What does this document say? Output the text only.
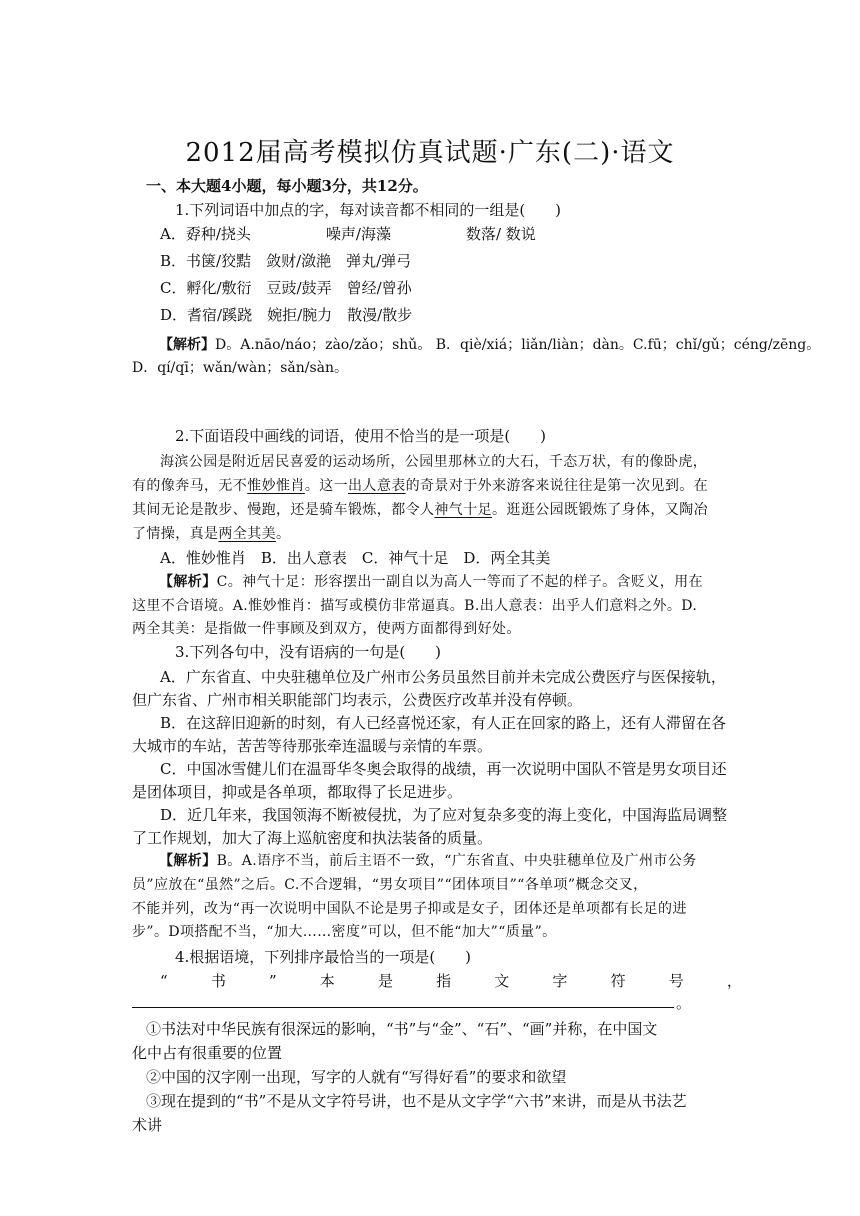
2012届高考模拟仿真试题·广东(二)·语文
一、本大题4小题，每小题3分，共12分。
1.下列词语中加点的字，每对读音都不相同的一组是(　　)
A．孬种/挠头　　　　　噪声/海藻　　　　　数落/ 数说
B．书箧/狡黠　敛财/潋滟　弹丸/弹弓
C．孵化/敷衍　豆豉/鼓弄　曾经/曾孙
D．耆宿/蹊跷　婉拒/腕力　散漫/散步
【解析】D。A.nāo/náo；zào/zǎo；shǔ。 B．qiè/xiá；liǎn/liàn；dàn。C.fū；chǐ/gǔ；céng/zēng。
D．qí/qī；wǎn/wàn；sǎn/sàn。
2.下面语段中画线的词语，使用不恰当的是一项是(　　)
海滨公园是附近居民喜爱的运动场所，公园里那林立的大石，千态万状，有的像卧虎，
有的像奔马，无不惟妙惟肖。这一出人意表的奇景对于外来游客来说往往是第一次见到。在
其间无论是散步、慢跑，还是骑车锻炼，都令人神气十足。逛逛公园既锻炼了身体，又陶冶
了情操，真是两全其美。
A．惟妙惟肖　B．出人意表　C．神气十足　D．两全其美
【解析】C。神气十足：形容摆出一副自以为高人一等而了不起的样子。含贬义，用在
这里不合语境。A.惟妙惟肖：描写或模仿非常逼真。B.出人意表：出乎人们意料之外。D.
两全其美：是指做一件事顾及到双方，使两方面都得到好处。
3.下列各句中，没有语病的一句是(　　)
A．广东省直、中央驻穗单位及广州市公务员虽然目前并未完成公费医疗与医保接轨，
但广东省、广州市相关职能部门均表示，公费医疗改革并没有停顿。
B．在这辞旧迎新的时刻，有人已经喜悦还家，有人正在回家的路上，还有人滞留在各
大城市的车站，苦苦等待那张牵连温暖与亲情的车票。
C．中国冰雪健儿们在温哥华冬奥会取得的战绩，再一次说明中国队不管是男女项目还
是团体项目，抑或是各单项，都取得了长足进步。
D．近几年来，我国领海不断被侵扰，为了应对复杂多变的海上变化，中国海监局调整
了工作规划，加大了海上巡航密度和执法装备的质量。
【解析】B。A.语序不当，前后主语不一致，“广东省直、中央驻穗单位及广州市公务
员”应放在“虽然”之后。C.不合逻辑，“男女项目”“团体项目”“各单项”概念交叉，
不能并列，改为“再一次说明中国队不论是男子抑或是女子，团体还是单项都有长足的进
步”。D项搭配不当，“加大……密度”可以，但不能“加大”“质量”。
4.根据语境，下列排序最恰当的一项是(　　)
“	书	”	本	是	指	文	字	符	号	，
。
①书法对中华民族有很深远的影响，“书”与“金”、“石”、“画”并称，在中国文
化中占有很重要的位置
②中国的汉字刚一出现，写字的人就有“写得好看”的要求和欲望
③现在提到的“书”不是从文字符号讲，也不是从文字学“六书”来讲，而是从书法艺
术讲
